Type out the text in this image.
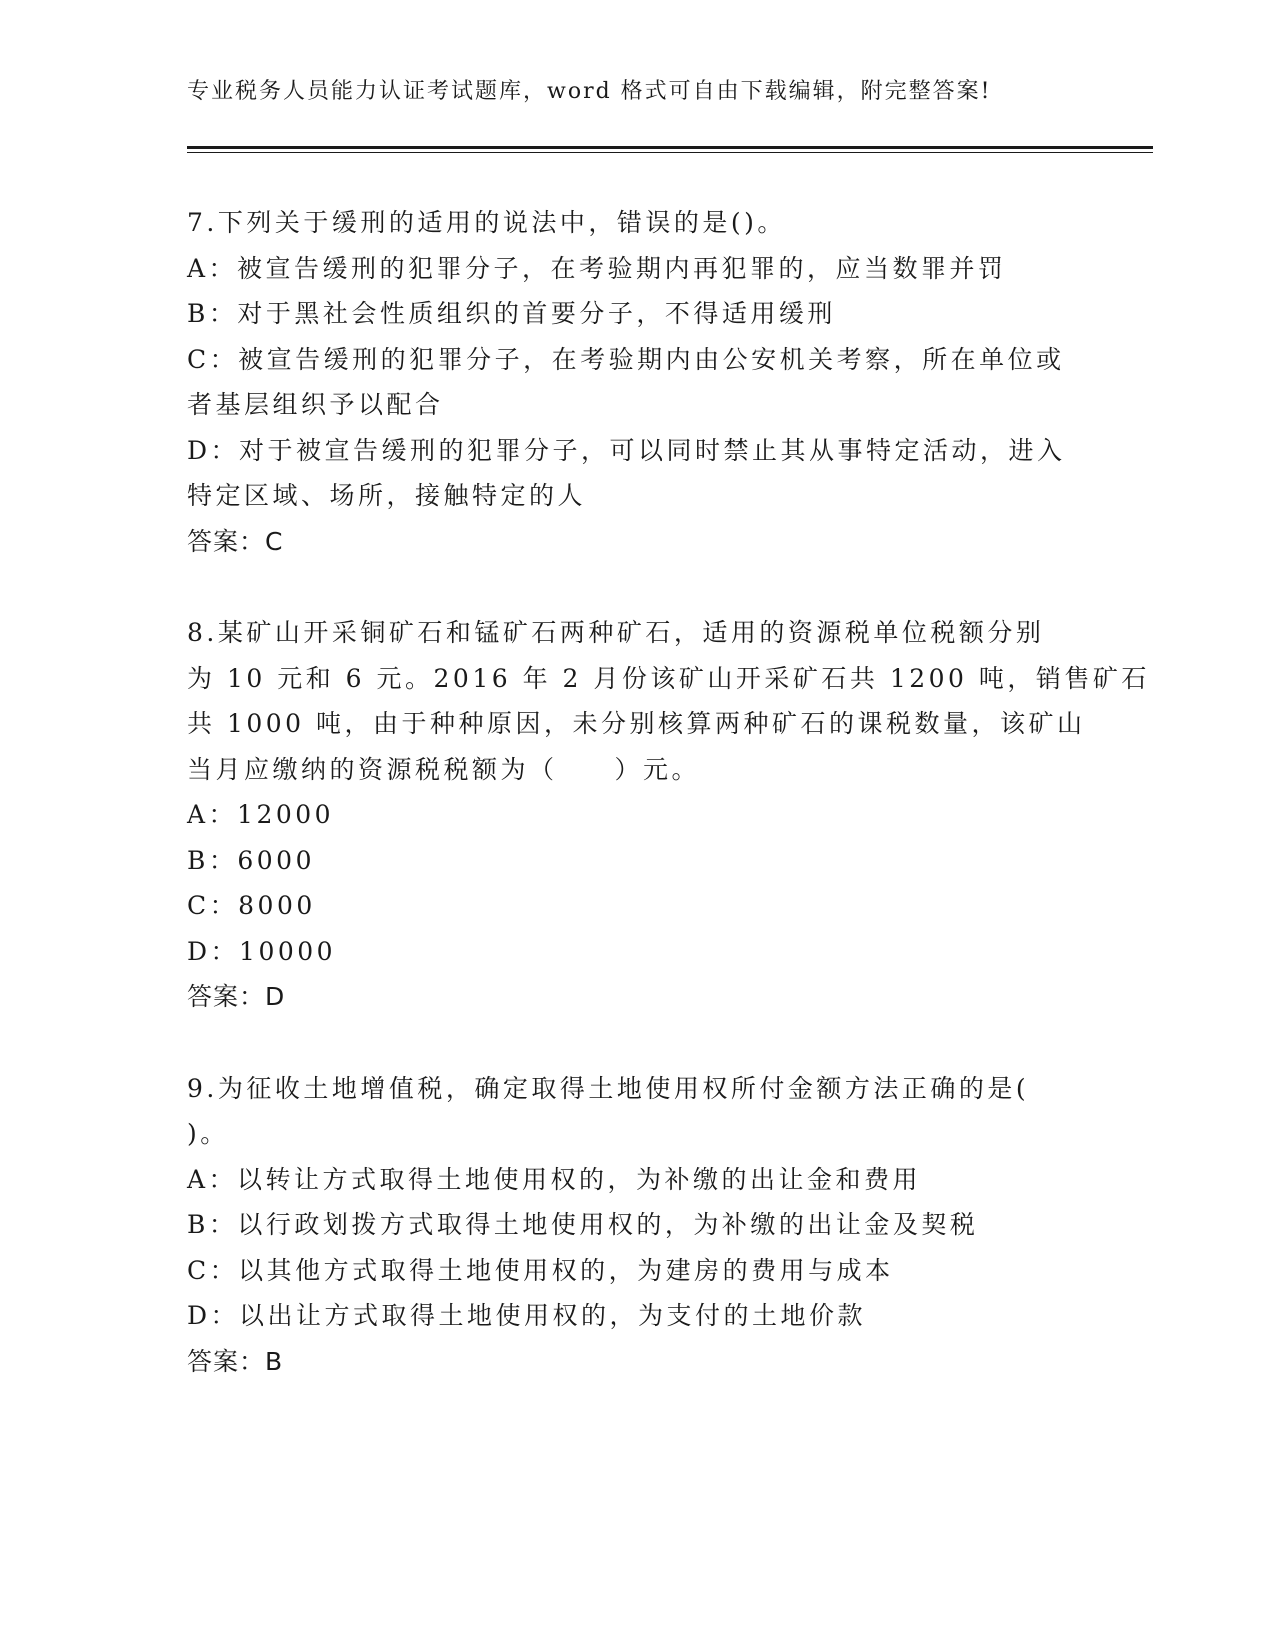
专业税务人员能力认证考试题库，word 格式可自由下载编辑，附完整答案!
7.下列关于缓刑的适用的说法中，错误的是()。
A：被宣告缓刑的犯罪分子，在考验期内再犯罪的，应当数罪并罚
B：对于黑社会性质组织的首要分子，不得适用缓刑
C：被宣告缓刑的犯罪分子，在考验期内由公安机关考察，所在单位或
者基层组织予以配合
D：对于被宣告缓刑的犯罪分子，可以同时禁止其从事特定活动，进入
特定区域、场所，接触特定的人
答案：C
8.某矿山开采铜矿石和锰矿石两种矿石，适用的资源税单位税额分别
为 10 元和 6 元。2016 年 2 月份该矿山开采矿石共 1200 吨，销售矿石
共 1000 吨，由于种种原因，未分别核算两种矿石的课税数量，该矿山
当月应缴纳的资源税税额为（　　）元。
A：12000
B：6000
C：8000
D：10000
答案：D
9.为征收土地增值税，确定取得土地使用权所付金额方法正确的是(
)。
A：以转让方式取得土地使用权的，为补缴的出让金和费用
B：以行政划拨方式取得土地使用权的，为补缴的出让金及契税
C：以其他方式取得土地使用权的，为建房的费用与成本
D：以出让方式取得土地使用权的，为支付的土地价款
答案：B
